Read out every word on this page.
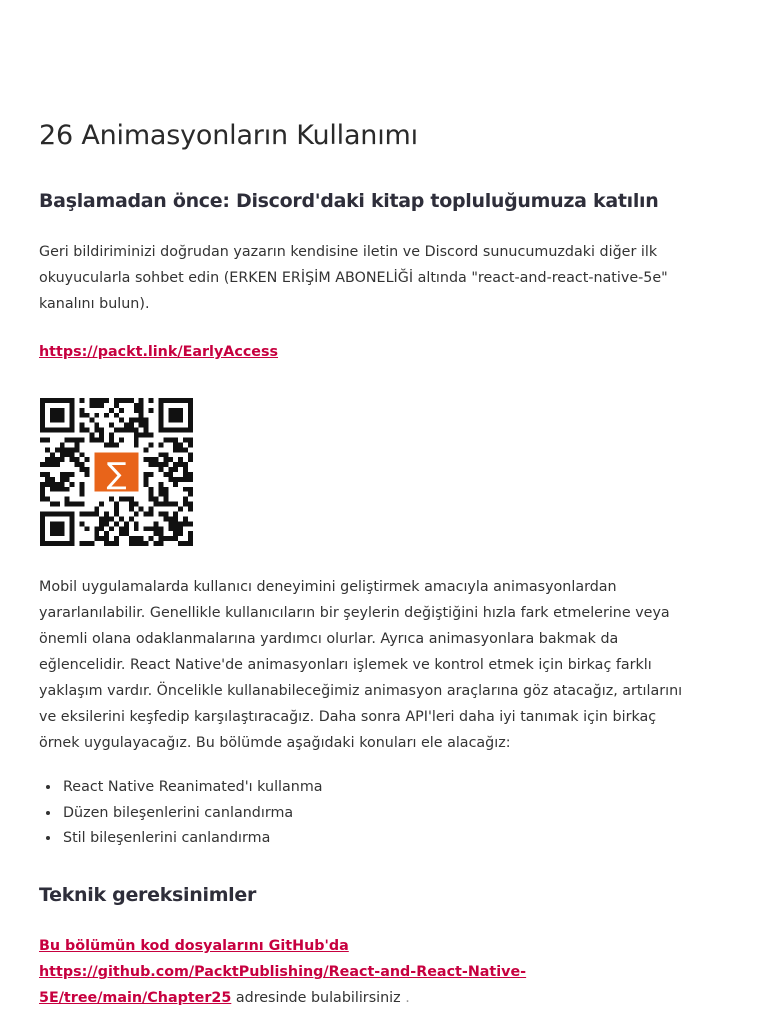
26 Animasyonların Kullanımı
Başlamadan önce: Discord'daki kitap topluluğumuza katılın

Geri bildiriminizi doğrudan yazarın kendisine iletin ve Discord sunucumuzdaki diğer ilk okuyucularla sohbet edin (ERKEN ERİŞİM ABONELİĞİ altında "react-and-react-native-5e" kanalını bulun).

https://packt.link/EarlyAccess
∑

Mobil uygulamalarda kullanıcı deneyimini geliştirmek amacıyla animasyonlardan yararlanılabilir. Genellikle kullanıcıların bir şeylerin değiştiğini hızla fark etmelerine veya önemli olana odaklanmalarına yardımcı olurlar. Ayrıca animasyonlara bakmak da eğlencelidir. React Native'de animasyonları işlemek ve kontrol etmek için birkaç farklı yaklaşım vardır. Öncelikle kullanabileceğimiz animasyon araçlarına göz atacağız, artılarını ve eksilerini keşfedip karşılaştıracağız. Daha sonra API'leri daha iyi tanımak için birkaç örnek uygulayacağız. Bu bölümde aşağıdaki konuları ele alacağız:

• React Native Reanimated'ı kullanma
• Düzen bileşenlerini canlandırma
• Stil bileşenlerini canlandırma
Teknik gereksinimler

Bu bölümün kod dosyalarını GitHub'da https://github.com/PacktPublishing/React-and-React-Native-5E/tree/main/Chapter25 adresinde bulabilirsiniz .
